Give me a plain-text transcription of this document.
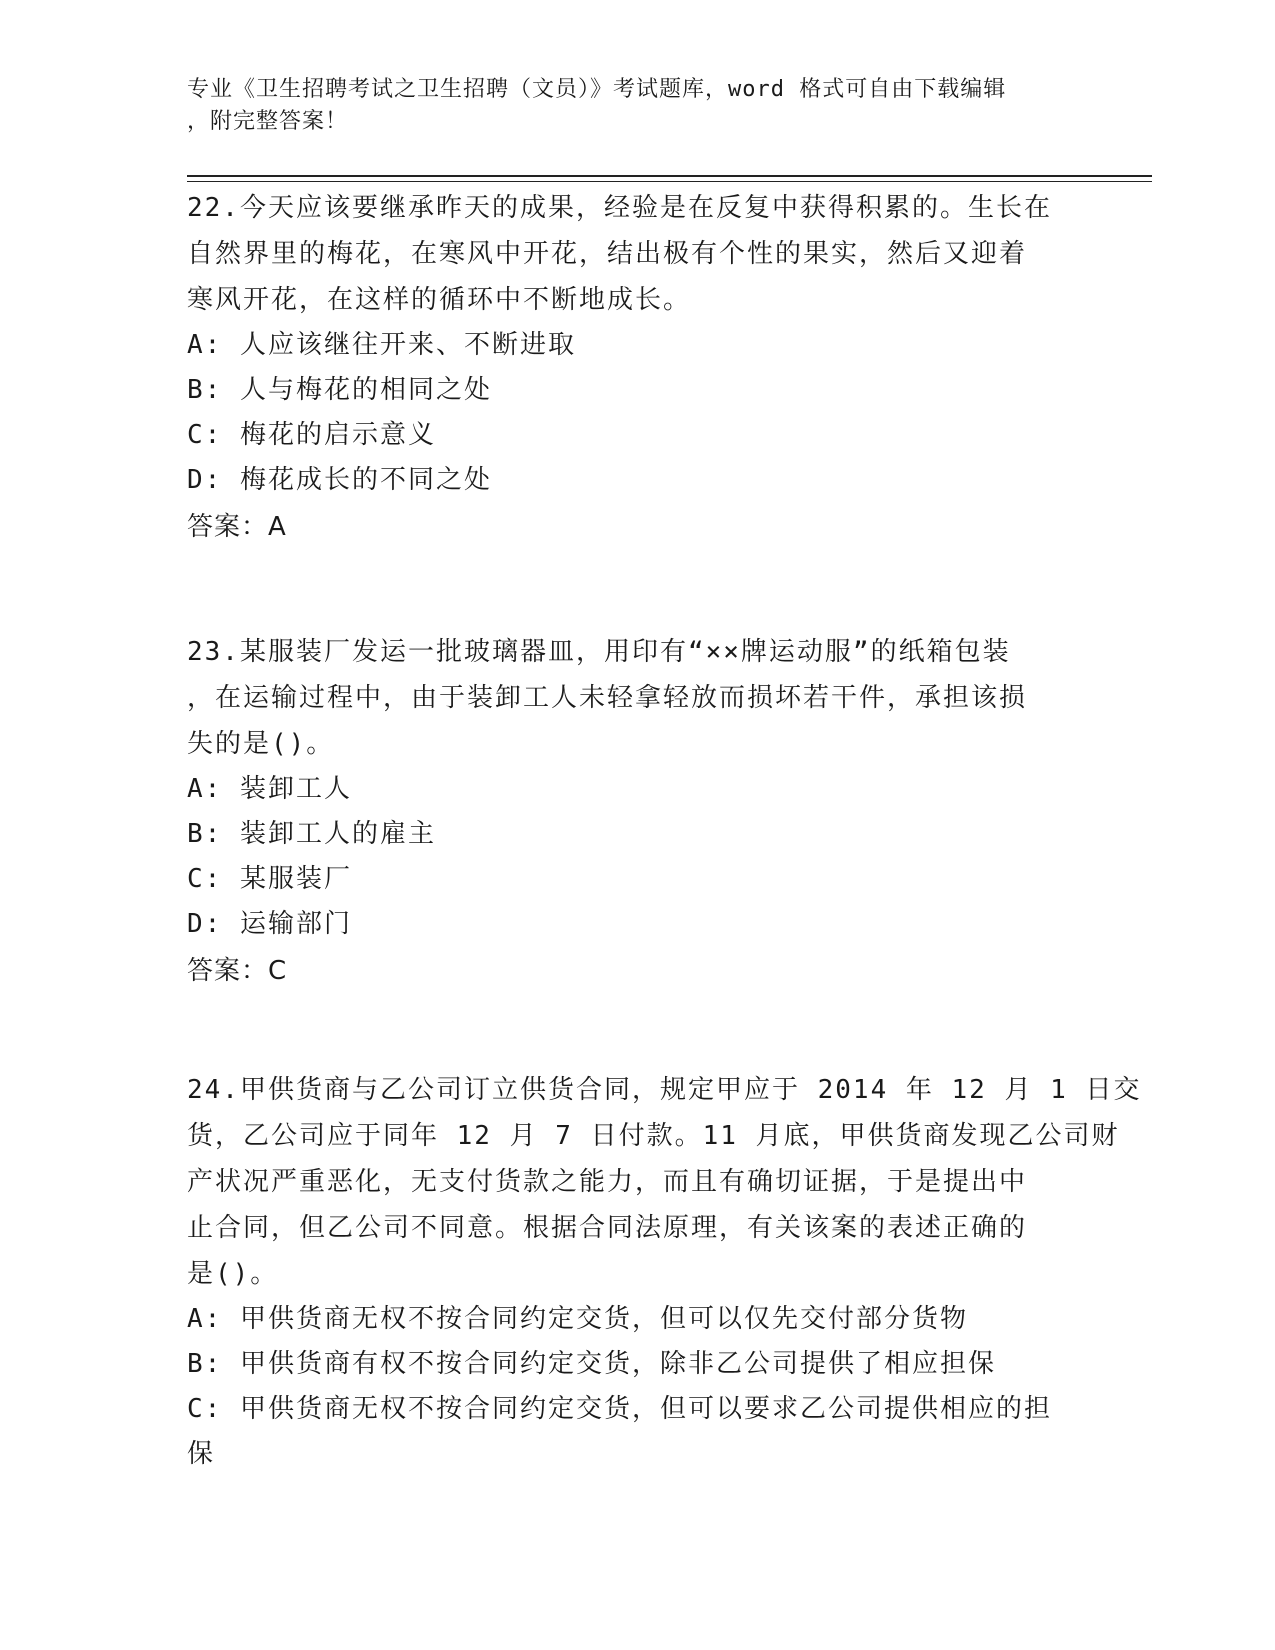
专业《卫生招聘考试之卫生招聘（文员）》考试题库，word 格式可自由下载编辑
，附完整答案！
22.今天应该要继承昨天的成果，经验是在反复中获得积累的。生长在
自然界里的梅花，在寒风中开花，结出极有个性的果实，然后又迎着
寒风开花，在这样的循环中不断地成长。
A: 人应该继往开来、不断进取
B: 人与梅花的相同之处
C: 梅花的启示意义
D: 梅花成长的不同之处
答案：A
23.某服装厂发运一批玻璃器皿，用印有“××牌运动服”的纸箱包装
，在运输过程中，由于装卸工人未轻拿轻放而损坏若干件，承担该损
失的是()。
A: 装卸工人
B: 装卸工人的雇主
C: 某服装厂
D: 运输部门
答案：C
24.甲供货商与乙公司订立供货合同，规定甲应于 2014 年 12 月 1 日交
货，乙公司应于同年 12 月 7 日付款。11 月底，甲供货商发现乙公司财
产状况严重恶化，无支付货款之能力，而且有确切证据，于是提出中
止合同，但乙公司不同意。根据合同法原理，有关该案的表述正确的
是()。
A: 甲供货商无权不按合同约定交货，但可以仅先交付部分货物
B: 甲供货商有权不按合同约定交货，除非乙公司提供了相应担保
C: 甲供货商无权不按合同约定交货，但可以要求乙公司提供相应的担
保
